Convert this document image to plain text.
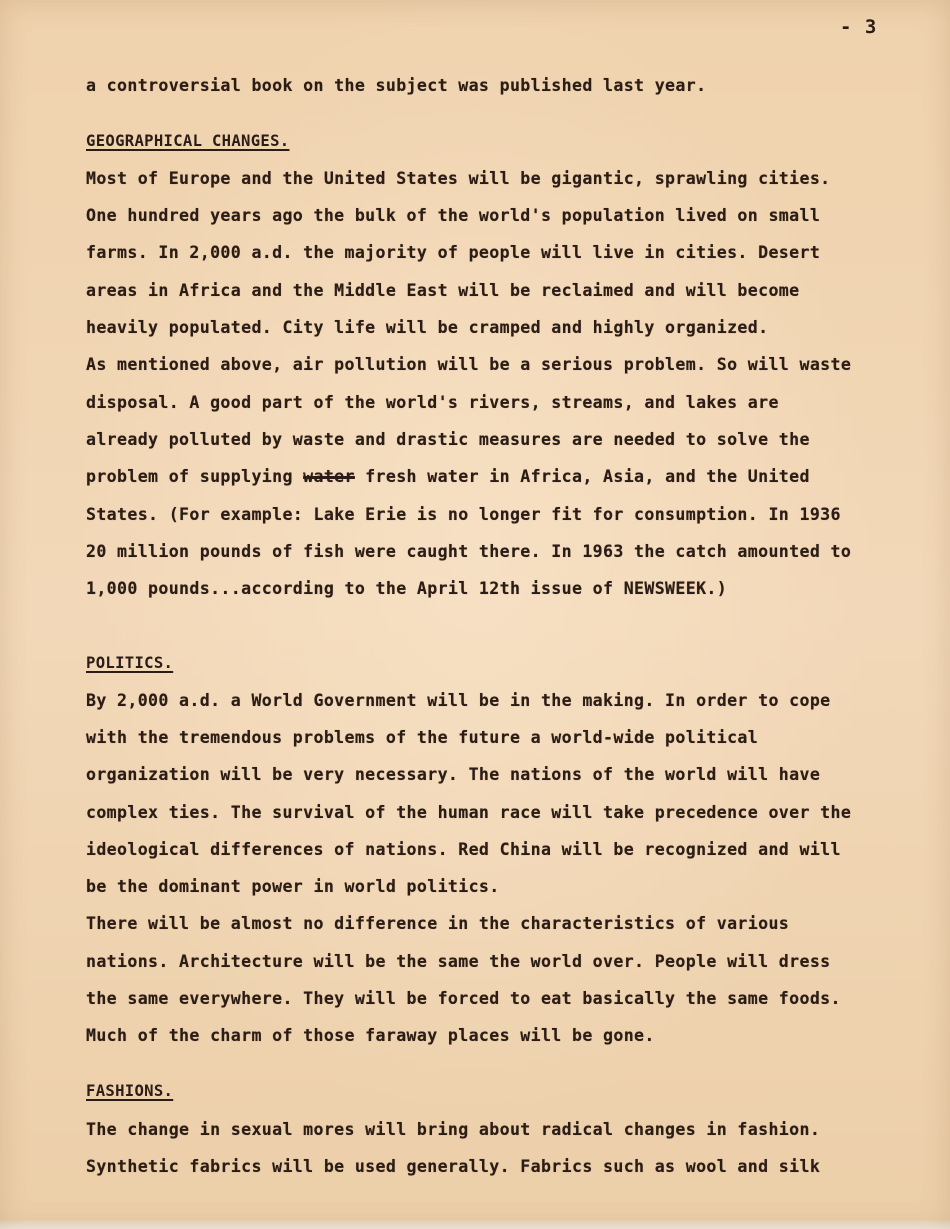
- 3
a controversial book on the subject was published last year.
GEOGRAPHICAL CHANGES.
Most of Europe and the United States will be gigantic, sprawling cities.
One hundred years ago the bulk of the world's population lived on small
farms. In 2,000 a.d. the majority of people will live in cities. Desert
areas in Africa and the Middle East will be reclaimed and will become
heavily populated. City life will be cramped and highly organized.
As mentioned above, air pollution will be a serious problem. So will waste
disposal. A good part of the world's rivers, streams, and lakes are
already polluted by waste and drastic measures are needed to solve the
problem of supplying water fresh water in Africa, Asia, and the United
States. (For example: Lake Erie is no longer fit for consumption. In 1936
20 million pounds of fish were caught there. In 1963 the catch amounted to
1,000 pounds...according to the April 12th issue of NEWSWEEK.)
POLITICS.
By 2,000 a.d. a World Government will be in the making. In order to cope
with the tremendous problems of the future a world-wide political
organization will be very necessary. The nations of the world will have
complex ties. The survival of the human race will take precedence over the
ideological differences of nations. Red China will be recognized and will
be the dominant power in world politics.
There will be almost no difference in the characteristics of various
nations. Architecture will be the same the world over. People will dress
the same everywhere. They will be forced to eat basically the same foods.
Much of the charm of those faraway places will be gone.
FASHIONS.
The change in sexual mores will bring about radical changes in fashion.
Synthetic fabrics will be used generally. Fabrics such as wool and silk
